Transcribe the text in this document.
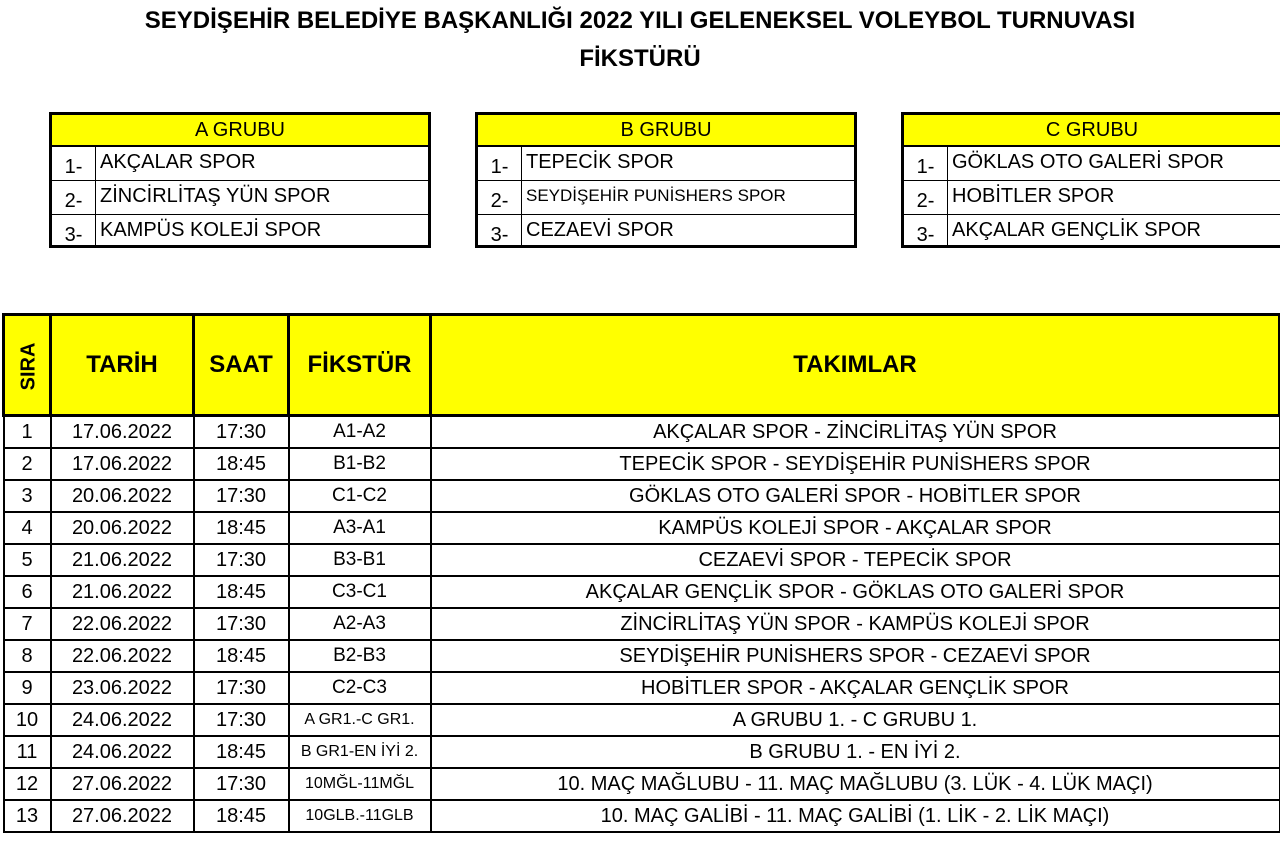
SEYDİŞEHİR BELEDİYE BAŞKANLIĞI 2022 YILI GELENEKSEL VOLEYBOL TURNUVASI
FİKSTÜRÜ
A GRUBU
1- AKÇALAR SPOR
2- ZİNCİRLİTAŞ YÜN SPOR
3- KAMPÜS KOLEJİ SPOR
B GRUBU
1- TEPECİK SPOR
2-	SEYDİŞEHİR PUNİSHERS SPOR
3- CEZAEVİ SPOR
C GRUBU
1- GÖKLAS OTO GALERİ SPOR
2- HOBİTLER SPOR
3- AKÇALAR GENÇLİK SPOR
SIRA	TARİH	SAAT	FİKSTÜR	TAKIMLAR
1	17.06.2022	17:30	A1-A2	AKÇALAR SPOR - ZİNCİRLİTAŞ YÜN SPOR
2	17.06.2022	18:45	B1-B2	TEPECİK SPOR - SEYDİŞEHİR PUNİSHERS SPOR
3	20.06.2022	17:30	C1-C2	GÖKLAS OTO GALERİ SPOR - HOBİTLER SPOR
4	20.06.2022	18:45	A3-A1	KAMPÜS KOLEJİ SPOR - AKÇALAR SPOR
5	21.06.2022	17:30	B3-B1	CEZAEVİ SPOR - TEPECİK SPOR
6	21.06.2022	18:45	C3-C1	AKÇALAR GENÇLİK SPOR - GÖKLAS OTO GALERİ SPOR
7	22.06.2022	17:30	A2-A3	ZİNCİRLİTAŞ YÜN SPOR - KAMPÜS KOLEJİ SPOR
8	22.06.2022	18:45	B2-B3	SEYDİŞEHİR PUNİSHERS SPOR - CEZAEVİ SPOR
9	23.06.2022	17:30	C2-C3	HOBİTLER SPOR - AKÇALAR GENÇLİK SPOR
10	24.06.2022	17:30	A GR1.-C GR1.	A GRUBU 1. - C GRUBU 1.
11	24.06.2022	18:45	B GR1-EN İYİ 2.	B GRUBU 1. - EN İYİ 2.
12	27.06.2022	17:30	10MĞL-11MĞL	10. MAÇ MAĞLUBU - 11. MAÇ MAĞLUBU (3. LÜK - 4. LÜK MAÇI)
13	27.06.2022	18:45	10GLB.-11GLB	10. MAÇ GALİBİ - 11. MAÇ GALİBİ (1. LİK - 2. LİK MAÇI)
